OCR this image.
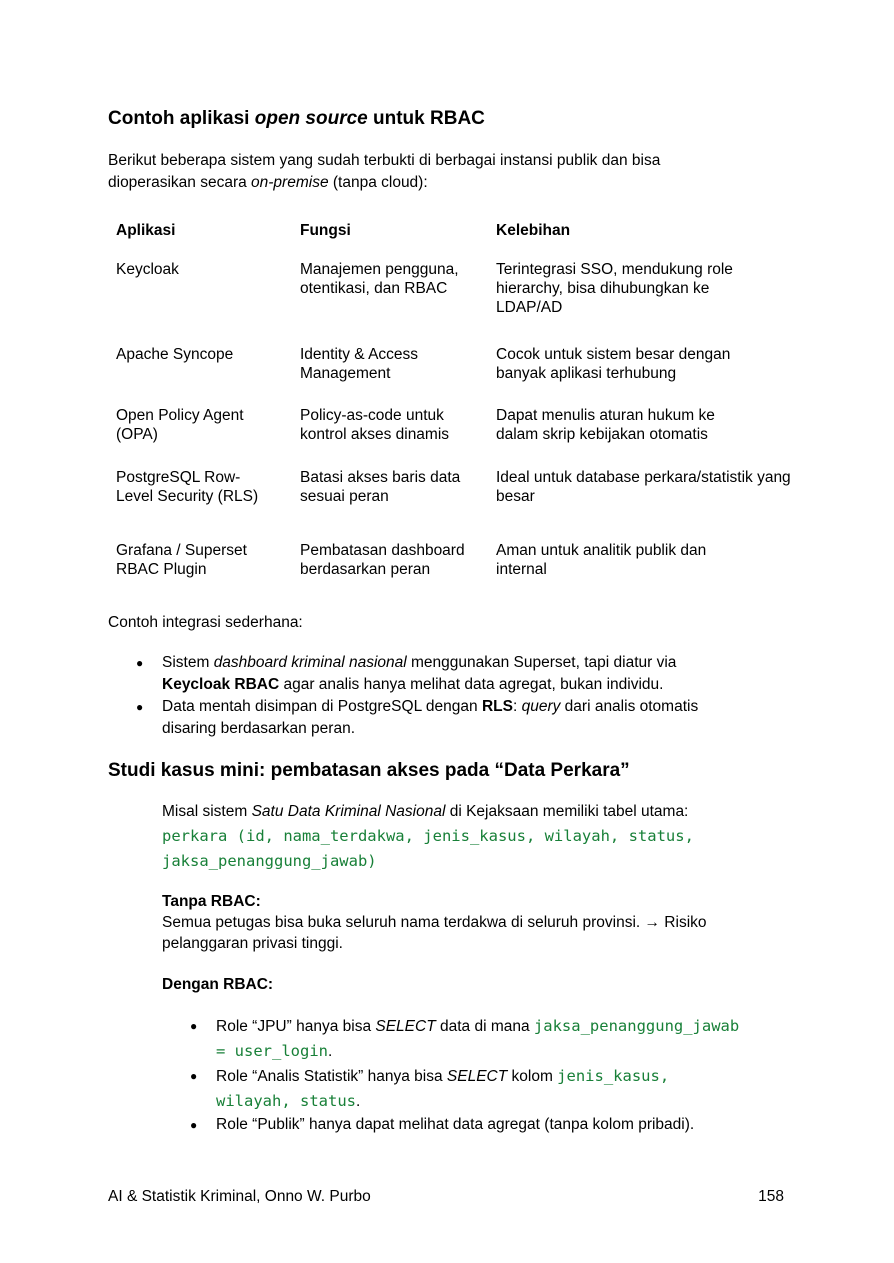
Contoh aplikasi open source untuk RBAC
Berikut beberapa sistem yang sudah terbukti di berbagai instansi publik dan bisa
dioperasikan secara on-premise (tanpa cloud):
Aplikasi	Fungsi	Kelebihan
Keycloak	Manajemen pengguna, otentikasi, dan RBAC	Terintegrasi SSO, mendukung role hierarchy, bisa dihubungkan ke LDAP/AD
Apache Syncope	Identity & Access Management	Cocok untuk sistem besar dengan banyak aplikasi terhubung
Open Policy Agent (OPA)	Policy-as-code untuk kontrol akses dinamis	Dapat menulis aturan hukum ke dalam skrip kebijakan otomatis
PostgreSQL Row-Level Security (RLS)	Batasi akses baris data sesuai peran	Ideal untuk database perkara/statistik yang besar
Grafana / Superset RBAC Plugin	Pembatasan dashboard berdasarkan peran	Aman untuk analitik publik dan internal
Contoh integrasi sederhana:
● Sistem dashboard kriminal nasional menggunakan Superset, tapi diatur via
Keycloak RBAC agar analis hanya melihat data agregat, bukan individu.
● Data mentah disimpan di PostgreSQL dengan RLS: query dari analis otomatis
disaring berdasarkan peran.
Studi kasus mini: pembatasan akses pada “Data Perkara”
Misal sistem Satu Data Kriminal Nasional di Kejaksaan memiliki tabel utama:
perkara (id, nama_terdakwa, jenis_kasus, wilayah, status,
jaksa_penanggung_jawab)
Tanpa RBAC:
Semua petugas bisa buka seluruh nama terdakwa di seluruh provinsi. → Risiko
pelanggaran privasi tinggi.
Dengan RBAC:
● Role “JPU” hanya bisa SELECT data di mana jaksa_penanggung_jawab
= user_login.
● Role “Analis Statistik” hanya bisa SELECT kolom jenis_kasus,
wilayah, status.
● Role “Publik” hanya dapat melihat data agregat (tanpa kolom pribadi).
AI & Statistik Kriminal, Onno W. Purbo	158
